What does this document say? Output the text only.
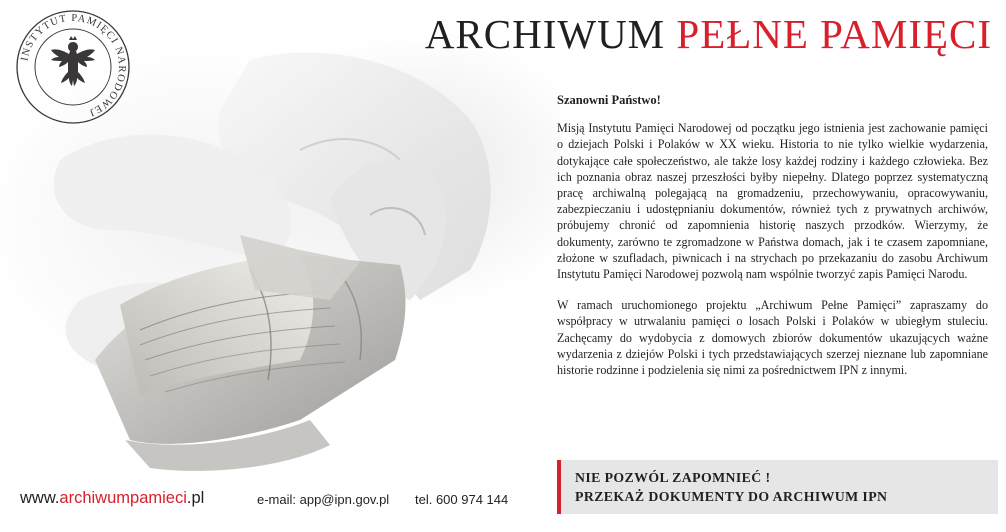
INSTYTUT PAMIĘCI NARODOWEJ
ARCHIWUM PEŁNE PAMIĘCI
Szanowni Państwo!

Misją Instytutu Pamięci Narodowej od początku jego istnienia jest zachowanie pamięci o dziejach Polski i Polaków w XX wieku. Historia to nie tylko wielkie wydarzenia, dotykające całe społeczeństwo, ale także losy każdej rodziny i każdego człowieka. Bez ich poznania obraz naszej przeszłości byłby niepełny. Dlatego poprzez systematyczną pracę archiwalną polegającą na gromadzeniu, przechowywaniu, opracowywaniu, zabezpieczaniu i udostępnianiu dokumentów, również tych z prywatnych archiwów, próbujemy chronić od zapomnienia historię naszych przodków. Wierzymy, że dokumenty, zarówno te zgromadzone w Państwa domach, jak i te czasem zapomniane, złożone w szufladach, piwnicach i na strychach po przekazaniu do zasobu Archiwum Instytutu Pamięci Narodowej pozwolą nam wspólnie tworzyć zapis Pamięci Narodu.

W ramach uruchomionego projektu „Archiwum Pełne Pamięci” zapraszamy do współpracy w utrwalaniu pamięci o losach Polski i Polaków w ubiegłym stuleciu. Zachęcamy do wydobycia z domowych zbiorów dokumentów ukazujących ważne wydarzenia z dziejów Polski i tych przedstawiających szerzej nieznane lub zapomniane historie rodzinne i podzielenia się nimi za pośrednictwem IPN z innymi.

NIE POZWÓL ZAPOMNIEĆ !
PRZEKAŻ DOKUMENTY DO ARCHIWUM IPN
www.archiwumpamieci.pl	e-mail: app@ipn.gov.pl tel. 600 974 144
